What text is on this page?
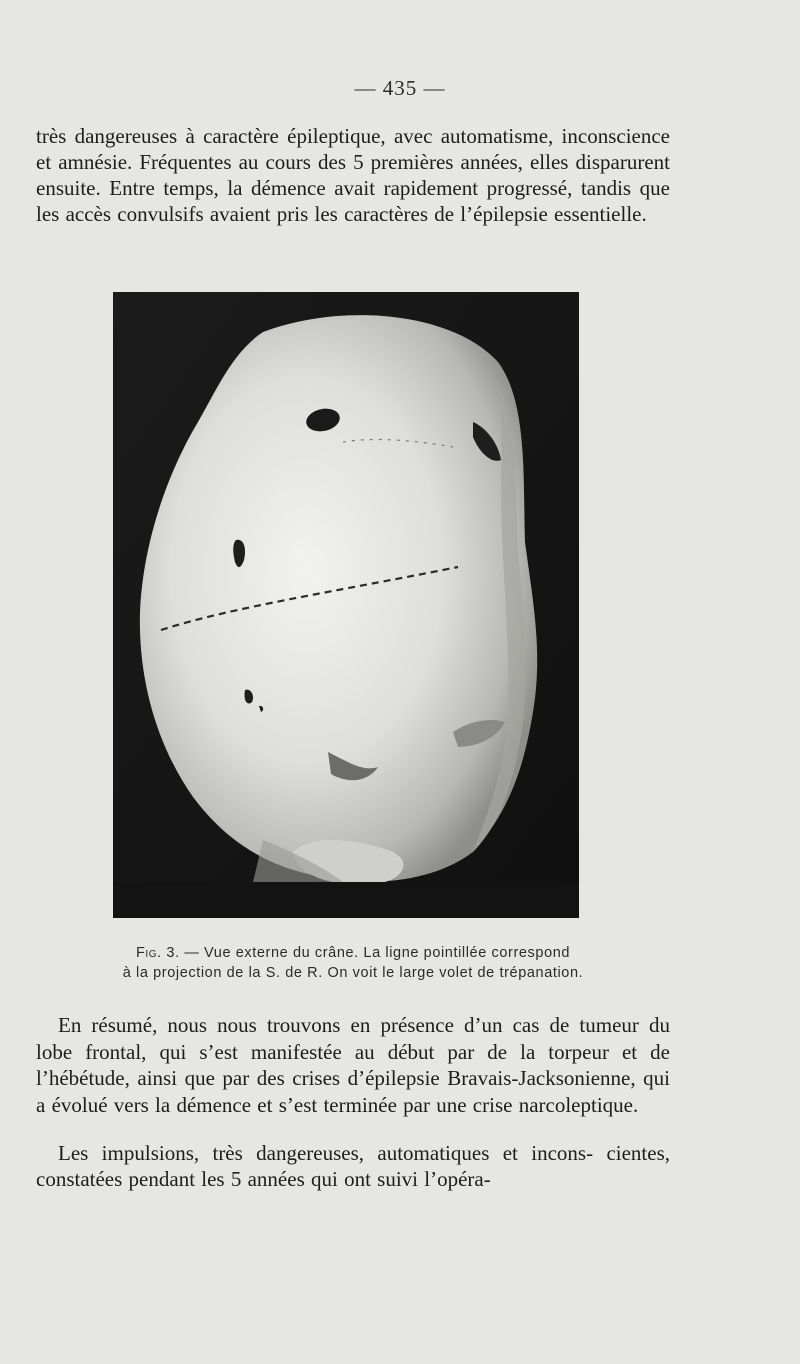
— 435 —
très dangereuses à caractère épileptique, avec automatisme, inconscience et amnésie. Fréquentes au cours des 5 premières années, elles disparurent ensuite. Entre temps, la démence avait rapidement progressé, tandis que les accès convulsifs avaient pris les caractères de l’épilepsie essentielle.
Fig. 3. — Vue externe du crâne. La ligne pointillée correspond
à la projection de la S. de R. On voit le large volet de trépanation.
En résumé, nous nous trouvons en présence d’un cas de tumeur du lobe frontal, qui s’est manifestée au début par de la torpeur et de l’hébétude, ainsi que par des crises d’épilepsie Bravais-Jacksonienne, qui a évolué vers la démence et s’est terminée par une crise narcoleptique.
Les impulsions, très dangereuses, automatiques et incons- cientes, constatées pendant les 5 années qui ont suivi l’opéra-
